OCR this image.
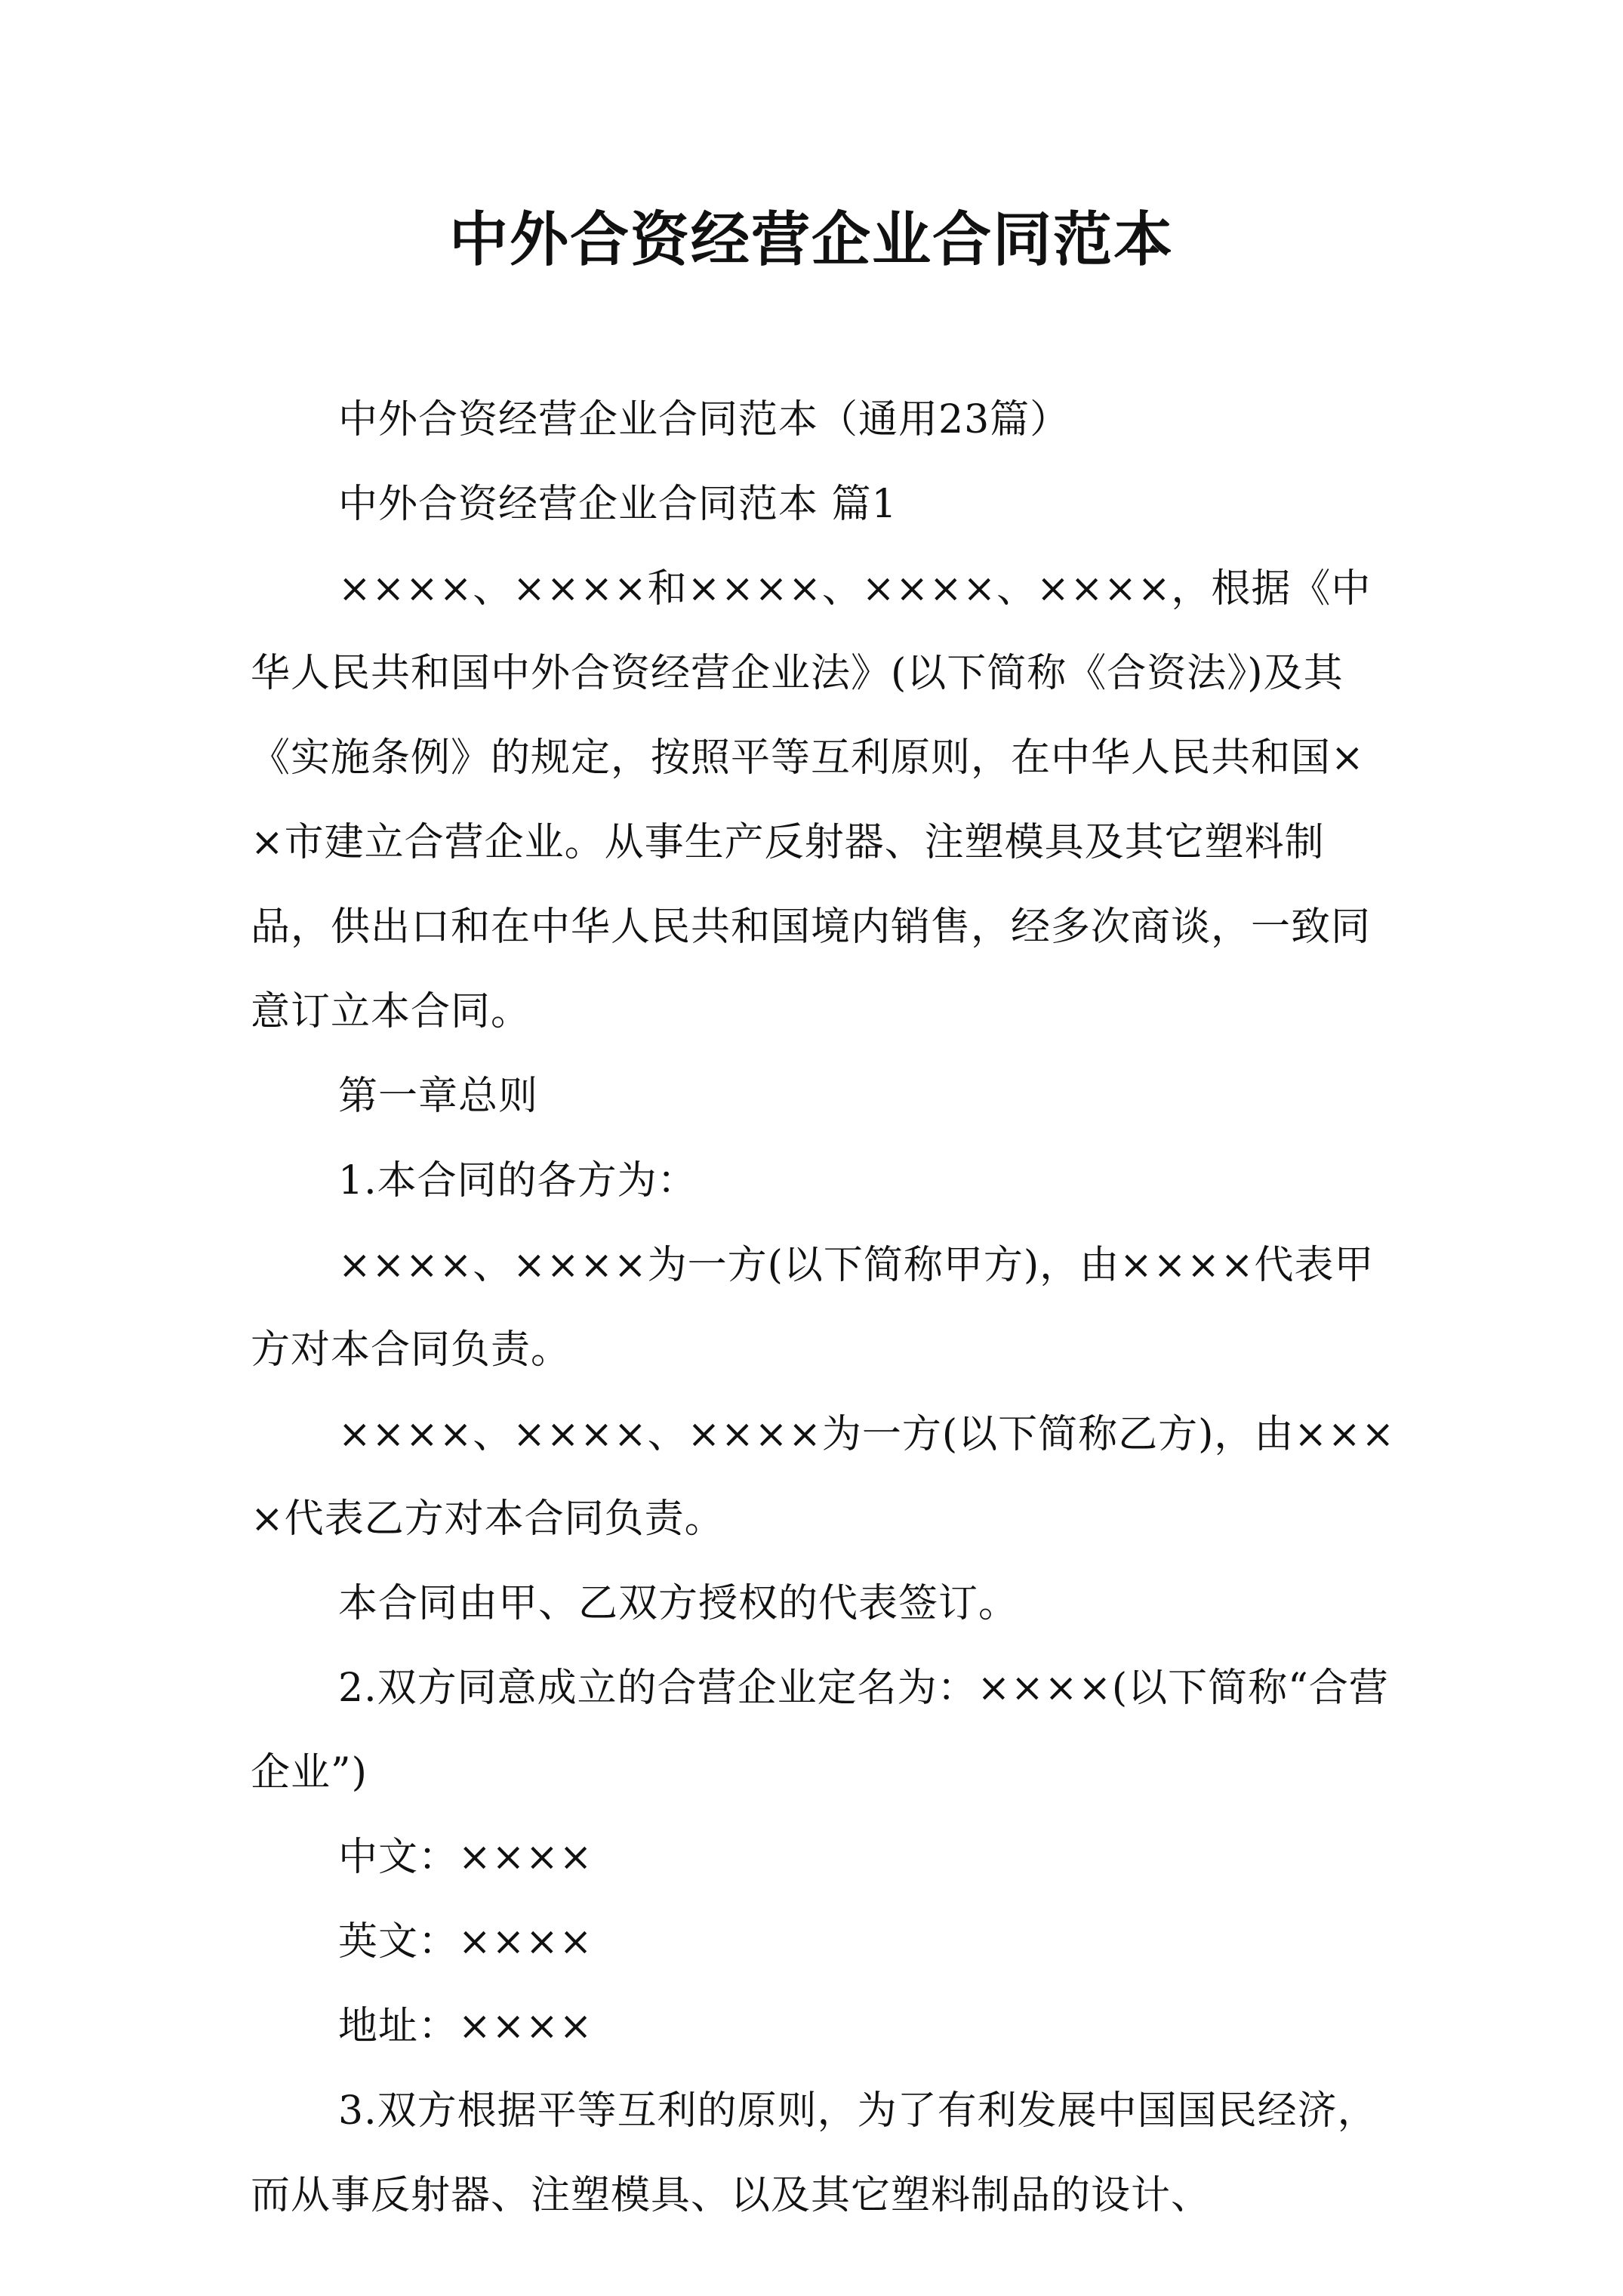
中外合资经营企业合同范本

中外合资经营企业合同范本（通用23篇）

中外合资经营企业合同范本 篇1

××××、××××和××××、××××、××××，根据《中华人民共和国中外合资经营企业法》(以下简称《合资法》)及其《实施条例》的规定，按照平等互利原则，在中华人民共和国××市建立合营企业。从事生产反射器、注塑模具及其它塑料制品，供出口和在中华人民共和国境内销售，经多次商谈，一致同意订立本合同。

第一章总则

1.本合同的各方为：

××××、××××为一方(以下简称甲方)，由××××代表甲方对本合同负责。

××××、××××、××××为一方(以下简称乙方)，由××××代表乙方对本合同负责。

本合同由甲、乙双方授权的代表签订。

2.双方同意成立的合营企业定名为：××××(以下简称“合营企业”)

中文：××××

英文：××××

地址：××××

3.双方根据平等互利的原则，为了有利发展中国国民经济，而从事反射器、注塑模具、以及其它塑料制品的设计、
